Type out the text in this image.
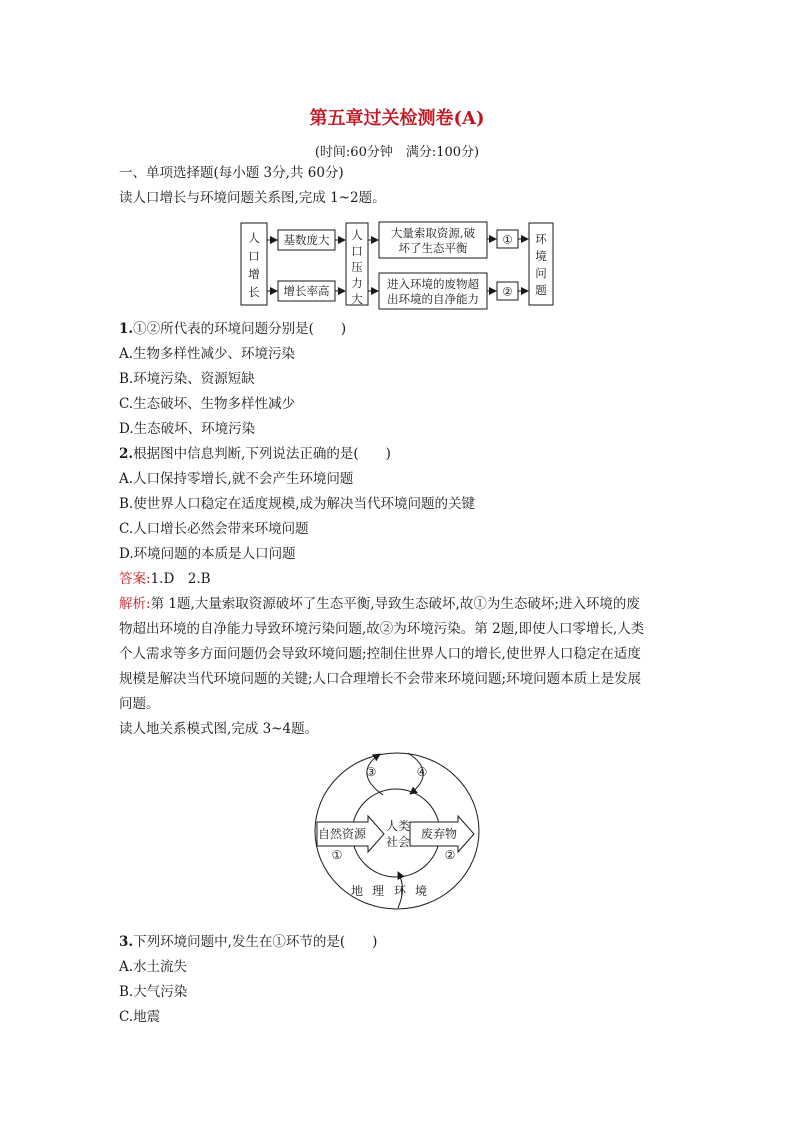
第五章过关检测卷(A)
(时间:60分钟　满分:100分)
一、单项选择题(每小题 3分,共 60分)
读人口增长与环境问题关系图,完成 1~2题。
人
口
增
长
基数庞大
增长率高
人
口
压
力
大
大量索取资源,破
坏了生态平衡
进入环境的废物超
出环境的自净能力
①
②
环
境
问
题
1.①②所代表的环境问题分别是(　　)
A.生物多样性减少、环境污染
B.环境污染、资源短缺
C.生态破坏、生物多样性减少
D.生态破坏、环境污染
2.根据图中信息判断,下列说法正确的是(　　)
A.人口保持零增长,就不会产生环境问题
B.使世界人口稳定在适度规模,成为解决当代环境问题的关键
C.人口增长必然会带来环境问题
D.环境问题的本质是人口问题
答案:1.D　2.B
解析:第 1题,大量索取资源破坏了生态平衡,导致生态破坏,故①为生态破坏;进入环境的废
物超出环境的自净能力导致环境污染问题,故②为环境污染。第 2题,即使人口零增长,人类
个人需求等多方面问题仍会导致环境问题;控制住世界人口的增长,使世界人口稳定在适度
规模是解决当代环境问题的关键;人口合理增长不会带来环境问题;环境问题本质上是发展
问题。
读人地关系模式图,完成 3~4题。
自然资源
人类
社会
废弃物
①	②
③	④
地 理 环 境
3.下列环境问题中,发生在①环节的是(　　)
A.水土流失
B.大气污染
C.地震
